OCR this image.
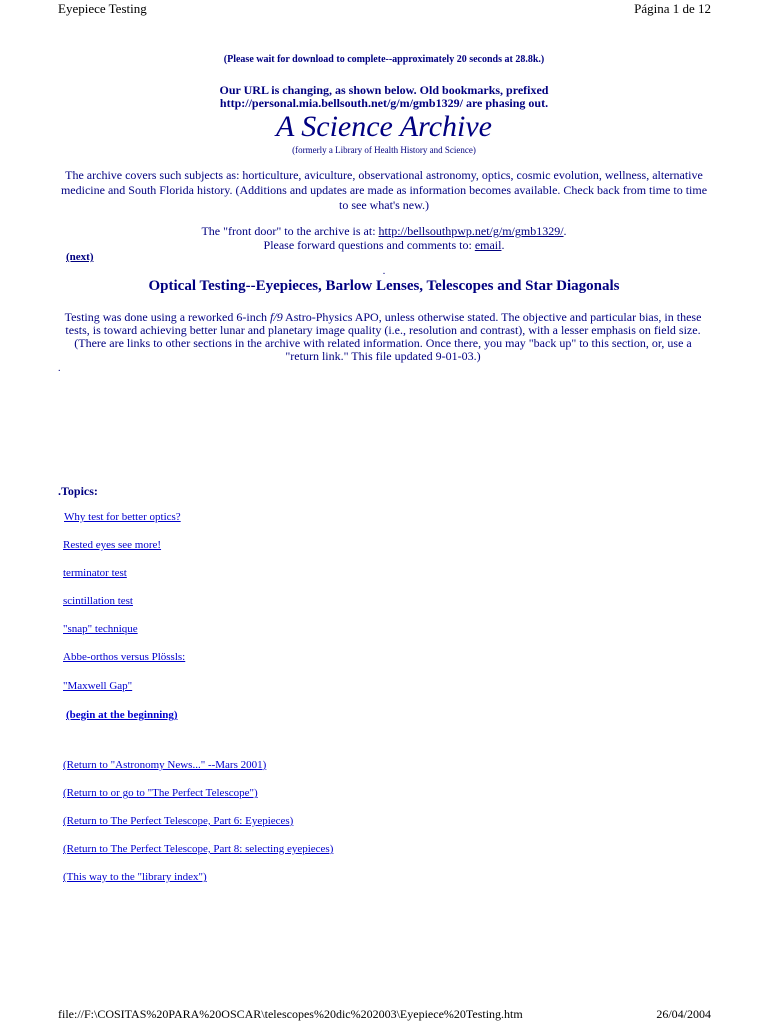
Eyepiece Testing	Página 1 de 12
(Please wait for download to complete--approximately 20 seconds at 28.8k.)
Our URL is changing, as shown below. Old bookmarks, prefixed
http://personal.mia.bellsouth.net/g/m/gmb1329/ are phasing out.
A Science Archive
(formerly a Library of Health History and Science)
The archive covers such subjects as: horticulture, aviculture, observational astronomy, optics, cosmic evolution, wellness, alternative medicine and South Florida history. (Additions and updates are made as information becomes available. Check back from time to time to see what's new.)
The "front door" to the archive is at: http://bellsouthpwp.net/g/m/gmb1329/.
Please forward questions and comments to: email.
(next)
.
Optical Testing--Eyepieces, Barlow Lenses, Telescopes and Star Diagonals
Testing was done using a reworked 6-inch f/9 Astro-Physics APO, unless otherwise stated. The objective and particular bias, in these tests, is toward achieving better lunar and planetary image quality (i.e., resolution and contrast), with a lesser emphasis on field size. (There are links to other sections in the archive with related information. Once there, you may "back up" to this section, or, use a "return link." This file updated 9-01-03.)
.
.Topics:
Why test for better optics?
Rested eyes see more!
terminator test
scintillation test
"snap" technique
Abbe-orthos versus Plössls:
"Maxwell Gap"
(begin at the beginning)
(Return to "Astronomy News..." --Mars 2001)
(Return to or go to "The Perfect Telescope")
(Return to The Perfect Telescope, Part 6: Eyepieces)
(Return to The Perfect Telescope, Part 8: selecting eyepieces)
(This way to the "library index")
file://F:\COSITAS%20PARA%20OSCAR\telescopes%20dic%202003\Eyepiece%20Testing.htm	26/04/2004
